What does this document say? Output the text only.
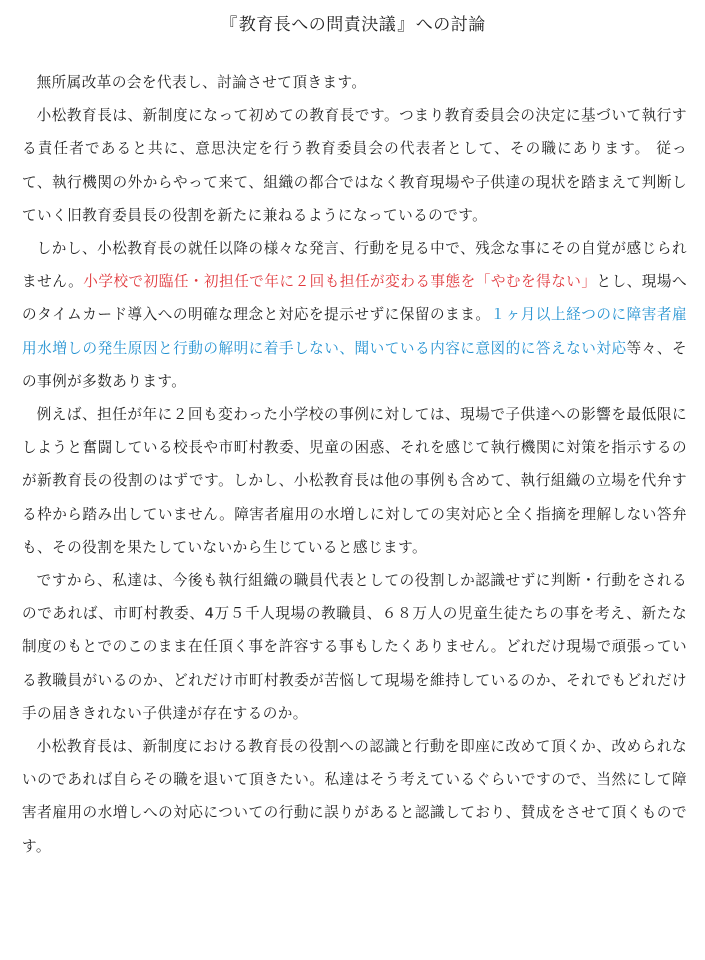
『教育長への問責決議』への討論

無所属改革の会を代表し、討論させて頂きます。

小松教育長は、新制度になって初めての教育長です。つまり教育委員会の決定に基づいて執行する責任者であると共に、意思決定を行う教育委員会の代表者として、その職にあります。 従って、執行機関の外からやって来て、組織の都合ではなく教育現場や子供達の現状を踏まえて判断していく旧教育委員長の役割を新たに兼ねるようになっているのです。

しかし、小松教育長の就任以降の様々な発言、行動を見る中で、残念な事にその自覚が感じられません。小学校で初臨任・初担任で年に２回も担任が変わる事態を「やむを得ない」とし、現場へのタイムカード導入への明確な理念と対応を提示せずに保留のまま。１ヶ月以上経つのに障害者雇用水増しの発生原因と行動の解明に着手しない、聞いている内容に意図的に答えない対応等々、その事例が多数あります。

例えば、担任が年に２回も変わった小学校の事例に対しては、現場で子供達への影響を最低限にしようと奮闘している校長や市町村教委、児童の困惑、それを感じて執行機関に対策を指示するのが新教育長の役割のはずです。しかし、小松教育長は他の事例も含めて、執行組織の立場を代弁する枠から踏み出していません。障害者雇用の水増しに対しての実対応と全く指摘を理解しない答弁も、その役割を果たしていないから生じていると感じます。

ですから、私達は、今後も執行組織の職員代表としての役割しか認識せずに判断・行動をされるのであれば、市町村教委、4万５千人現場の教職員、６８万人の児童生徒たちの事を考え、新たな制度のもとでのこのまま在任頂く事を許容する事もしたくありません。どれだけ現場で頑張っている教職員がいるのか、どれだけ市町村教委が苦悩して現場を維持しているのか、それでもどれだけ手の届ききれない子供達が存在するのか。

小松教育長は、新制度における教育長の役割への認識と行動を即座に改めて頂くか、改められないのであれば自らその職を退いて頂きたい。私達はそう考えているぐらいですので、当然にして障害者雇用の水増しへの対応についての行動に誤りがあると認識しており、賛成をさせて頂くものです。
